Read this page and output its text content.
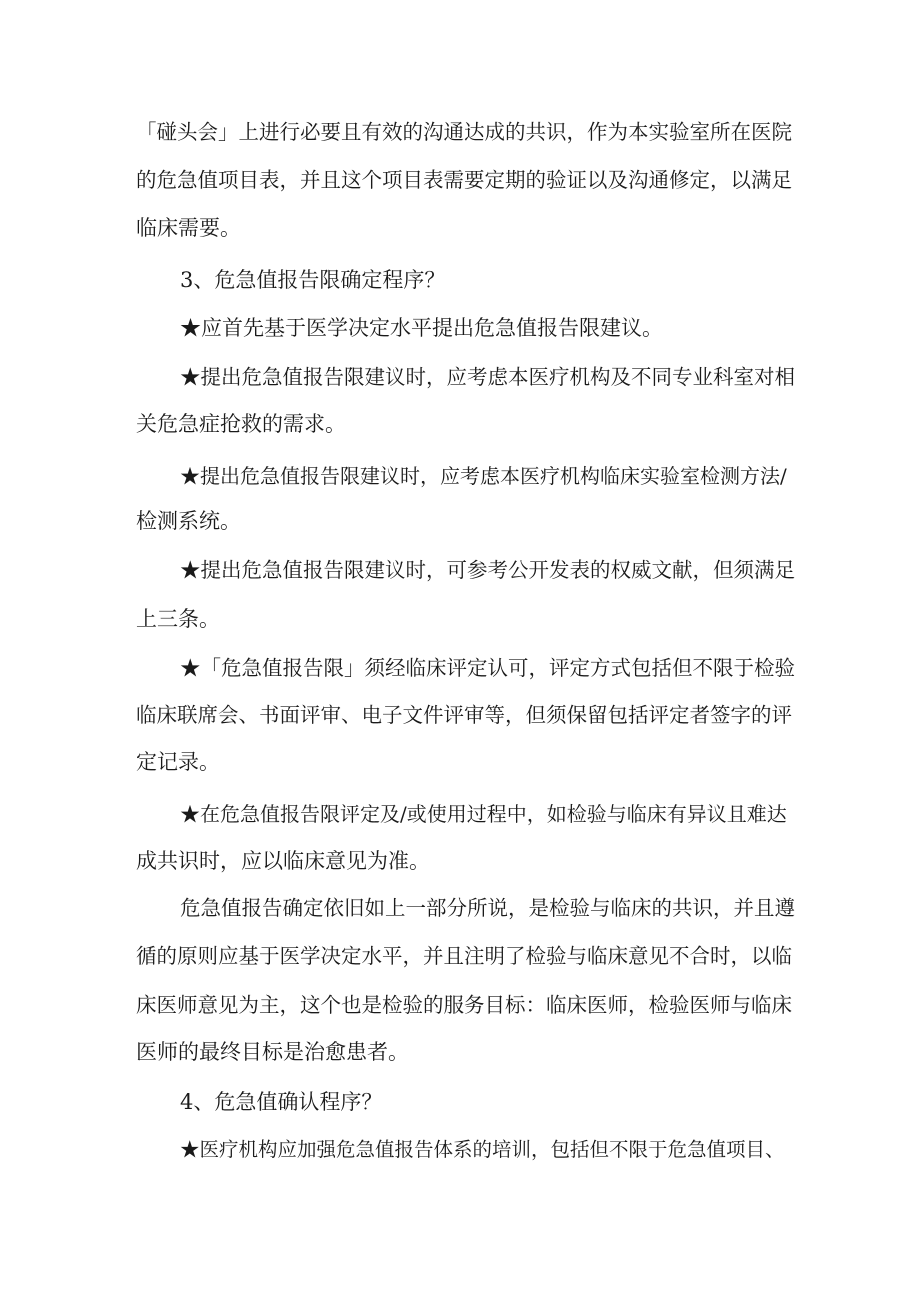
「碰头会」上进行必要且有效的沟通达成的共识，作为本实验室所在医院

的危急值项目表，并且这个项目表需要定期的验证以及沟通修定，以满足

临床需要。

3、危急值报告限确定程序？

★应首先基于医学决定水平提出危急值报告限建议。

★提出危急值报告限建议时，应考虑本医疗机构及不同专业科室对相

关危急症抢救的需求。

★提出危急值报告限建议时，应考虑本医疗机构临床实验室检测方法/

检测系统。

★提出危急值报告限建议时，可参考公开发表的权威文献，但须满足

上三条。

★「危急值报告限」须经临床评定认可，评定方式包括但不限于检验

临床联席会、书面评审、电子文件评审等，但须保留包括评定者签字的评

定记录。

★在危急值报告限评定及/或使用过程中，如检验与临床有异议且难达

成共识时，应以临床意见为准。

危急值报告确定依旧如上一部分所说，是检验与临床的共识，并且遵

循的原则应基于医学决定水平，并且注明了检验与临床意见不合时，以临

床医师意见为主，这个也是检验的服务目标：临床医师，检验医师与临床

医师的最终目标是治愈患者。

4、危急值确认程序？

★医疗机构应加强危急值报告体系的培训，包括但不限于危急值项目、
